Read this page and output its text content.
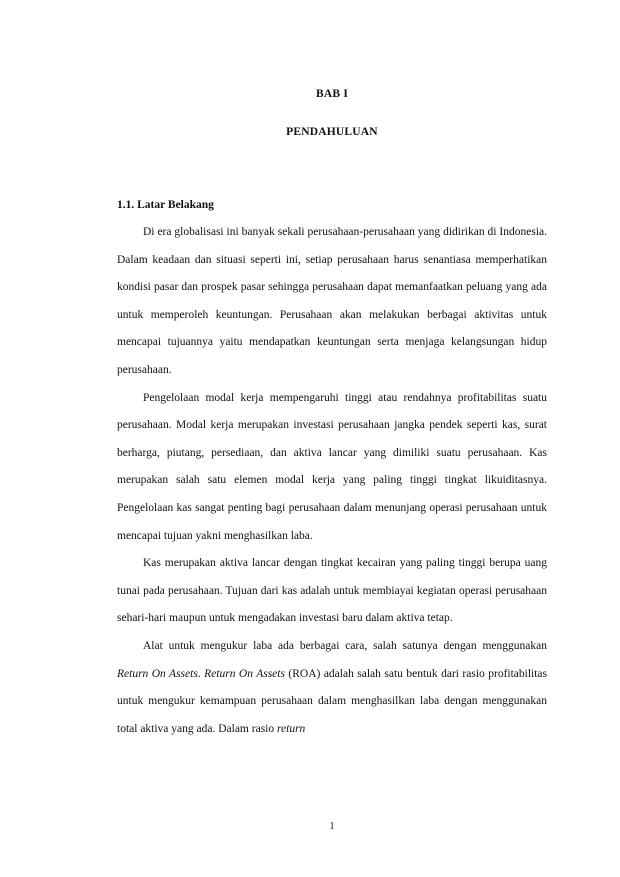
BAB I
PENDAHULUAN
1.1. Latar Belakang

Di era globalisasi ini banyak sekali perusahaan-perusahaan yang didirikan di Indonesia. Dalam keadaan dan situasi seperti ini, setiap perusahaan harus senantiasa memperhatikan kondisi pasar dan prospek pasar sehingga perusahaan dapat memanfaatkan peluang yang ada untuk memperoleh keuntungan. Perusahaan akan melakukan berbagai aktivitas untuk mencapai tujuannya yaitu mendapatkan keuntungan serta menjaga kelangsungan hidup perusahaan.

Pengelolaan modal kerja mempengaruhi tinggi atau rendahnya profitabilitas suatu perusahaan. Modal kerja merupakan investasi perusahaan jangka pendek seperti kas, surat berharga, piutang, persediaan, dan aktiva lancar yang dimiliki suatu perusahaan. Kas merupakan salah satu elemen modal kerja yang paling tinggi tingkat likuiditasnya. Pengelolaan kas sangat penting bagi perusahaan dalam menunjang operasi perusahaan untuk mencapai tujuan yakni menghasilkan laba.

Kas merupakan aktiva lancar dengan tingkat kecairan yang paling tinggi berupa uang tunai pada perusahaan. Tujuan dari kas adalah untuk membiayai kegiatan operasi perusahaan sehari-hari maupun untuk mengadakan investasi baru dalam aktiva tetap.

Alat untuk mengukur laba ada berbagai cara, salah satunya dengan menggunakan Return On Assets. Return On Assets (ROA) adalah salah satu bentuk dari rasio profitabilitas untuk mengukur kemampuan perusahaan dalam menghasilkan laba dengan menggunakan total aktiva yang ada. Dalam rasio return

1
